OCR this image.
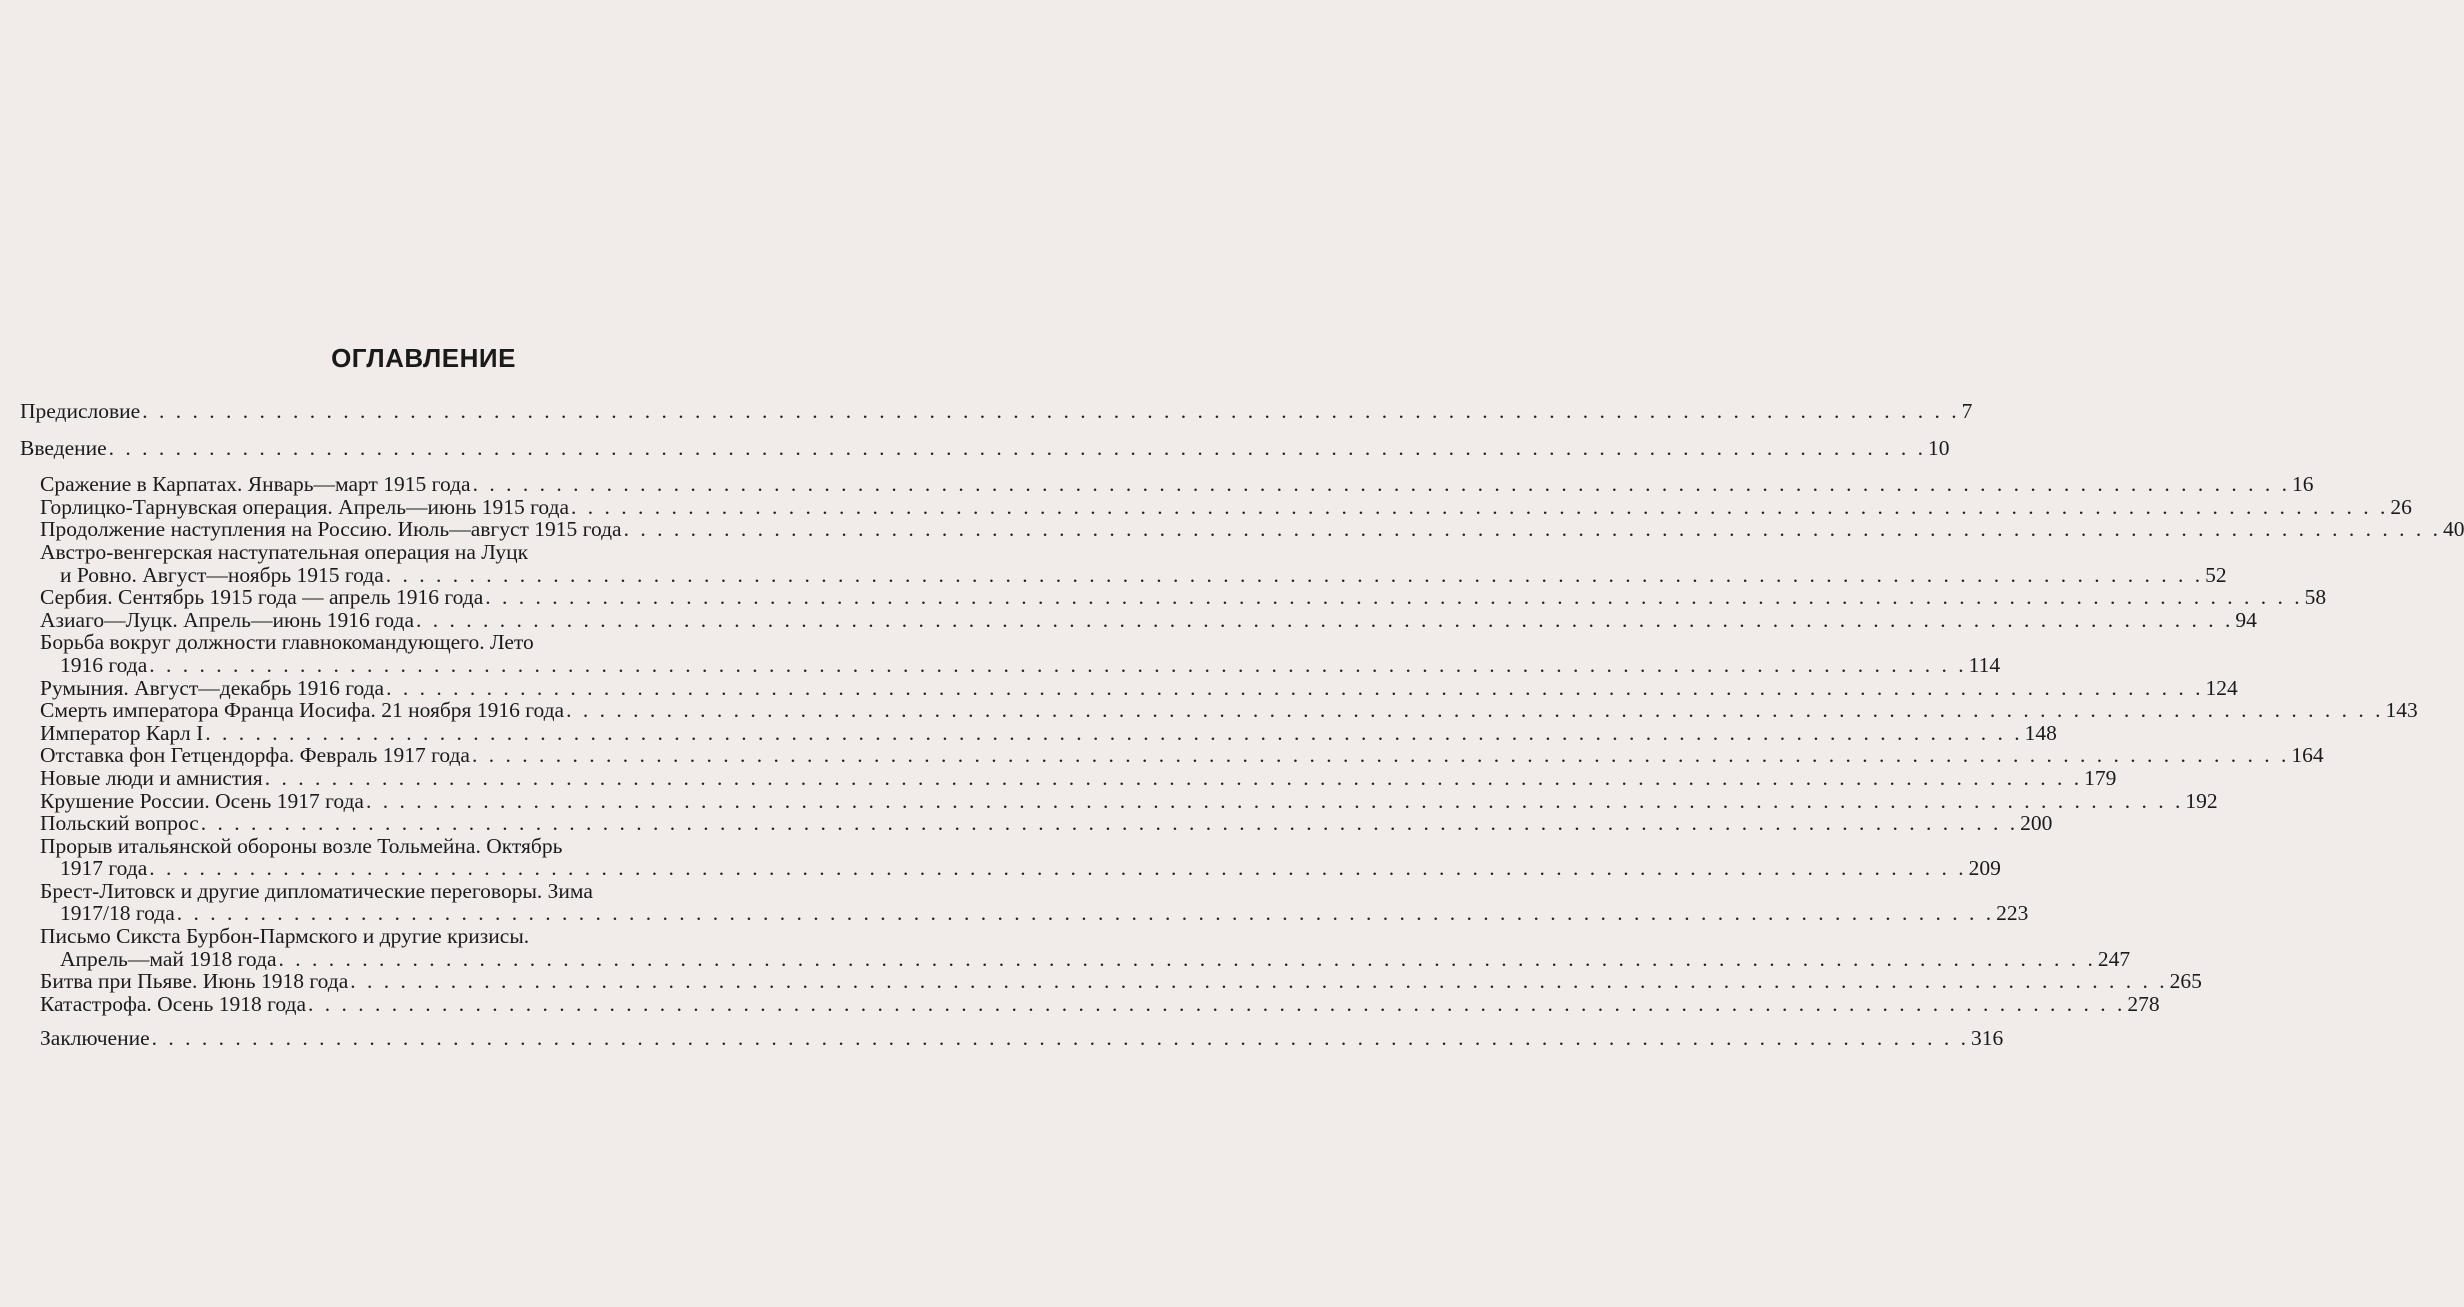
ОГЛАВЛЕНИЕ
Предисловие . . . . . . . . . . . . . . . . . . . . . . . . . . . . . . . . . . . . . . . . . . . . . . . . . . . . . . . . . . . . . . . . . . . . . . . . . . . . . . . . . . . . . . . . . . . . . . . . . . . . . . . . . . . . . 7
Введение . . . . . . . . . . . . . . . . . . . . . . . . . . . . . . . . . . . . . . . . . . . . . . . . . . . . . . . . . . . . . . . . . . . . . . . . . . . . . . . . . . . . . . . . . . . . . . . . . . . . . . . . . . . . . 10
Сражение в Карпатах. Январь—март 1915 года . . . . . . . . . . . . . . . . . . . . . . . . . . . . . . . . . . . . . . . . . . . . . . . . . . . . . . . . . . . . . . . . . . . . . . . . . . . . . . . . . . . . . . . . . . . . . . . . . . . . . . . . . . . . . 16
Горлицко-Тарнувская операция. Апрель—июнь 1915 года . . . . . . . . . . . . . . . . . . . . . . . . . . . . . . . . . . . . . . . . . . . . . . . . . . . . . . . . . . . . . . . . . . . . . . . . . . . . . . . . . . . . . . . . . . . . . . . . . . . . . . . . . . . . . 26
Продолжение наступления на Россию. Июль—август 1915 года . . . . . . . . . . . . . . . . . . . . . . . . . . . . . . . . . . . . . . . . . . . . . . . . . . . . . . . . . . . . . . . . . . . . . . . . . . . . . . . . . . . . . . . . . . . . . . . . . . . . . . . . . . . . . 40
Австро-венгерская наступательная операция на Луцк
и Ровно. Август—ноябрь 1915 года . . . . . . . . . . . . . . . . . . . . . . . . . . . . . . . . . . . . . . . . . . . . . . . . . . . . . . . . . . . . . . . . . . . . . . . . . . . . . . . . . . . . . . . . . . . . . . . . . . . . . . . . . . . . . 52
Сербия. Сентябрь 1915 года — апрель 1916 года . . . . . . . . . . . . . . . . . . . . . . . . . . . . . . . . . . . . . . . . . . . . . . . . . . . . . . . . . . . . . . . . . . . . . . . . . . . . . . . . . . . . . . . . . . . . . . . . . . . . . . . . . . . . . 58
Азиаго—Луцк. Апрель—июнь 1916 года . . . . . . . . . . . . . . . . . . . . . . . . . . . . . . . . . . . . . . . . . . . . . . . . . . . . . . . . . . . . . . . . . . . . . . . . . . . . . . . . . . . . . . . . . . . . . . . . . . . . . . . . . . . . . 94
Борьба вокруг должности главнокомандующего. Лето
1916 года . . . . . . . . . . . . . . . . . . . . . . . . . . . . . . . . . . . . . . . . . . . . . . . . . . . . . . . . . . . . . . . . . . . . . . . . . . . . . . . . . . . . . . . . . . . . . . . . . . . . . . . . . . . . . 114
Румыния. Август—декабрь 1916 года . . . . . . . . . . . . . . . . . . . . . . . . . . . . . . . . . . . . . . . . . . . . . . . . . . . . . . . . . . . . . . . . . . . . . . . . . . . . . . . . . . . . . . . . . . . . . . . . . . . . . . . . . . . . . 124
Смерть императора Франца Иосифа. 21 ноября 1916 года . . . . . . . . . . . . . . . . . . . . . . . . . . . . . . . . . . . . . . . . . . . . . . . . . . . . . . . . . . . . . . . . . . . . . . . . . . . . . . . . . . . . . . . . . . . . . . . . . . . . . . . . . . . . . 143
Император Карл I . . . . . . . . . . . . . . . . . . . . . . . . . . . . . . . . . . . . . . . . . . . . . . . . . . . . . . . . . . . . . . . . . . . . . . . . . . . . . . . . . . . . . . . . . . . . . . . . . . . . . . . . . . . . . 148
Отставка фон Гетцендорфа. Февраль 1917 года . . . . . . . . . . . . . . . . . . . . . . . . . . . . . . . . . . . . . . . . . . . . . . . . . . . . . . . . . . . . . . . . . . . . . . . . . . . . . . . . . . . . . . . . . . . . . . . . . . . . . . . . . . . . . 164
Новые люди и амнистия . . . . . . . . . . . . . . . . . . . . . . . . . . . . . . . . . . . . . . . . . . . . . . . . . . . . . . . . . . . . . . . . . . . . . . . . . . . . . . . . . . . . . . . . . . . . . . . . . . . . . . . . . . . . . 179
Крушение России. Осень 1917 года . . . . . . . . . . . . . . . . . . . . . . . . . . . . . . . . . . . . . . . . . . . . . . . . . . . . . . . . . . . . . . . . . . . . . . . . . . . . . . . . . . . . . . . . . . . . . . . . . . . . . . . . . . . . . 192
Польский вопрос . . . . . . . . . . . . . . . . . . . . . . . . . . . . . . . . . . . . . . . . . . . . . . . . . . . . . . . . . . . . . . . . . . . . . . . . . . . . . . . . . . . . . . . . . . . . . . . . . . . . . . . . . . . . . 200
Прорыв итальянской обороны возле Тольмейна. Октябрь
1917 года . . . . . . . . . . . . . . . . . . . . . . . . . . . . . . . . . . . . . . . . . . . . . . . . . . . . . . . . . . . . . . . . . . . . . . . . . . . . . . . . . . . . . . . . . . . . . . . . . . . . . . . . . . . . . 209
Брест-Литовск и другие дипломатические переговоры. Зима
1917/18 года . . . . . . . . . . . . . . . . . . . . . . . . . . . . . . . . . . . . . . . . . . . . . . . . . . . . . . . . . . . . . . . . . . . . . . . . . . . . . . . . . . . . . . . . . . . . . . . . . . . . . . . . . . . . . 223
Письмо Сикста Бурбон-Пармского и другие кризисы.
Апрель—май 1918 года . . . . . . . . . . . . . . . . . . . . . . . . . . . . . . . . . . . . . . . . . . . . . . . . . . . . . . . . . . . . . . . . . . . . . . . . . . . . . . . . . . . . . . . . . . . . . . . . . . . . . . . . . . . . . 247
Битва при Пьяве. Июнь 1918 года . . . . . . . . . . . . . . . . . . . . . . . . . . . . . . . . . . . . . . . . . . . . . . . . . . . . . . . . . . . . . . . . . . . . . . . . . . . . . . . . . . . . . . . . . . . . . . . . . . . . . . . . . . . . . 265
Катастрофа. Осень 1918 года . . . . . . . . . . . . . . . . . . . . . . . . . . . . . . . . . . . . . . . . . . . . . . . . . . . . . . . . . . . . . . . . . . . . . . . . . . . . . . . . . . . . . . . . . . . . . . . . . . . . . . . . . . . . . 278
Заключение . . . . . . . . . . . . . . . . . . . . . . . . . . . . . . . . . . . . . . . . . . . . . . . . . . . . . . . . . . . . . . . . . . . . . . . . . . . . . . . . . . . . . . . . . . . . . . . . . . . . . . . . . . . . . 316
